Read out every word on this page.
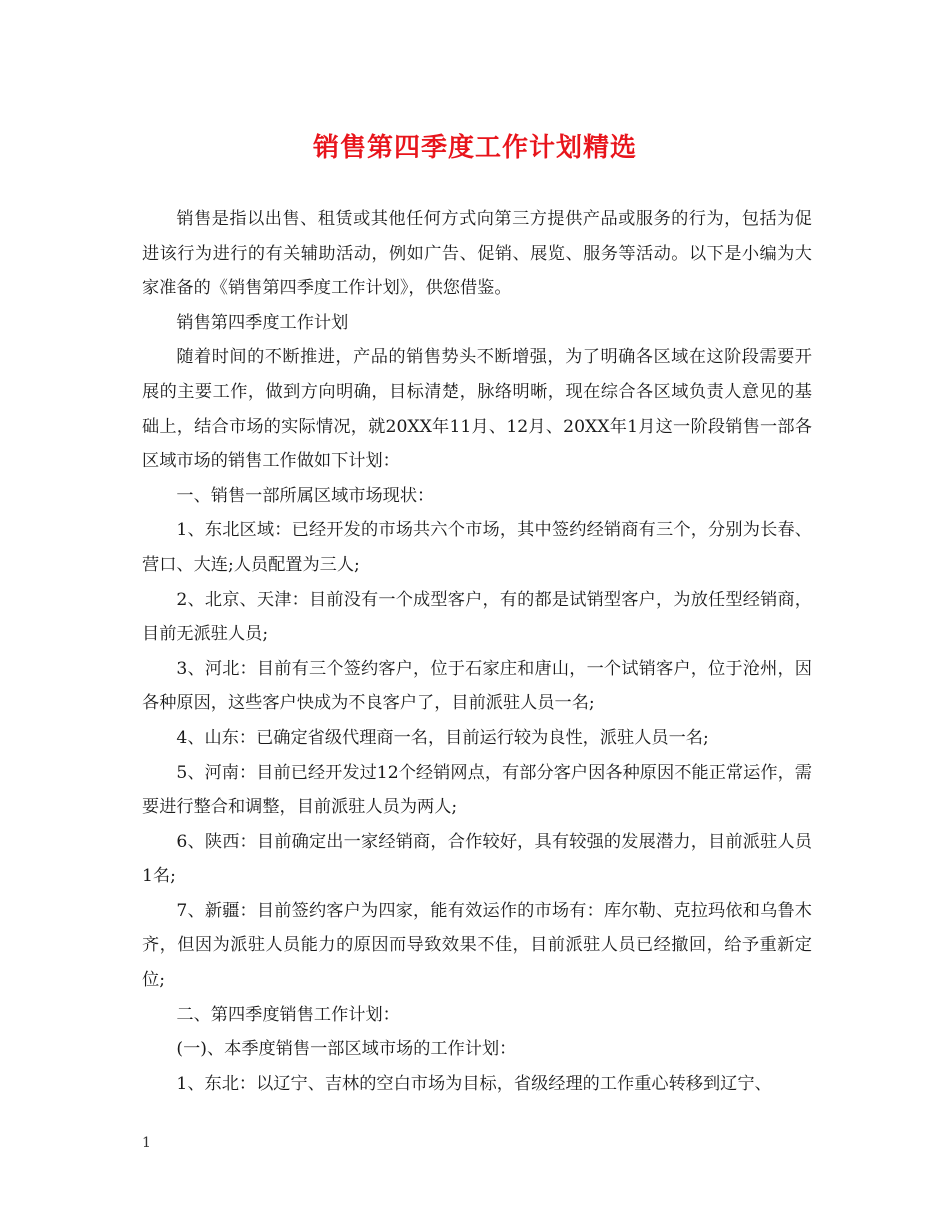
销售第四季度工作计划精选

销售是指以出售、租赁或其他任何方式向第三方提供产品或服务的行为，包括为促进该行为进行的有关辅助活动，例如广告、促销、展览、服务等活动。以下是小编为大家准备的《销售第四季度工作计划》，供您借鉴。

销售第四季度工作计划

随着时间的不断推进，产品的销售势头不断增强，为了明确各区域在这阶段需要开展的主要工作，做到方向明确，目标清楚，脉络明晰，现在综合各区域负责人意见的基础上，结合市场的实际情况，就20XX年11月、12月、20XX年1月这一阶段销售一部各区域市场的销售工作做如下计划：

一、销售一部所属区域市场现状：

1、东北区域：已经开发的市场共六个市场，其中签约经销商有三个，分别为长春、营口、大连;人员配置为三人;

2、北京、天津：目前没有一个成型客户，有的都是试销型客户，为放任型经销商，目前无派驻人员;

3、河北：目前有三个签约客户，位于石家庄和唐山，一个试销客户，位于沧州，因各种原因，这些客户快成为不良客户了，目前派驻人员一名;

4、山东：已确定省级代理商一名，目前运行较为良性，派驻人员一名;

5、河南：目前已经开发过12个经销网点，有部分客户因各种原因不能正常运作，需要进行整合和调整，目前派驻人员为两人;

6、陕西：目前确定出一家经销商，合作较好，具有较强的发展潜力，目前派驻人员1名;

7、新疆：目前签约客户为四家，能有效运作的市场有：库尔勒、克拉玛依和乌鲁木齐，但因为派驻人员能力的原因而导致效果不佳，目前派驻人员已经撤回，给予重新定位;

二、第四季度销售工作计划：

(一)、本季度销售一部区域市场的工作计划：

1、东北：以辽宁、吉林的空白市场为目标，省级经理的工作重心转移到辽宁、

1
